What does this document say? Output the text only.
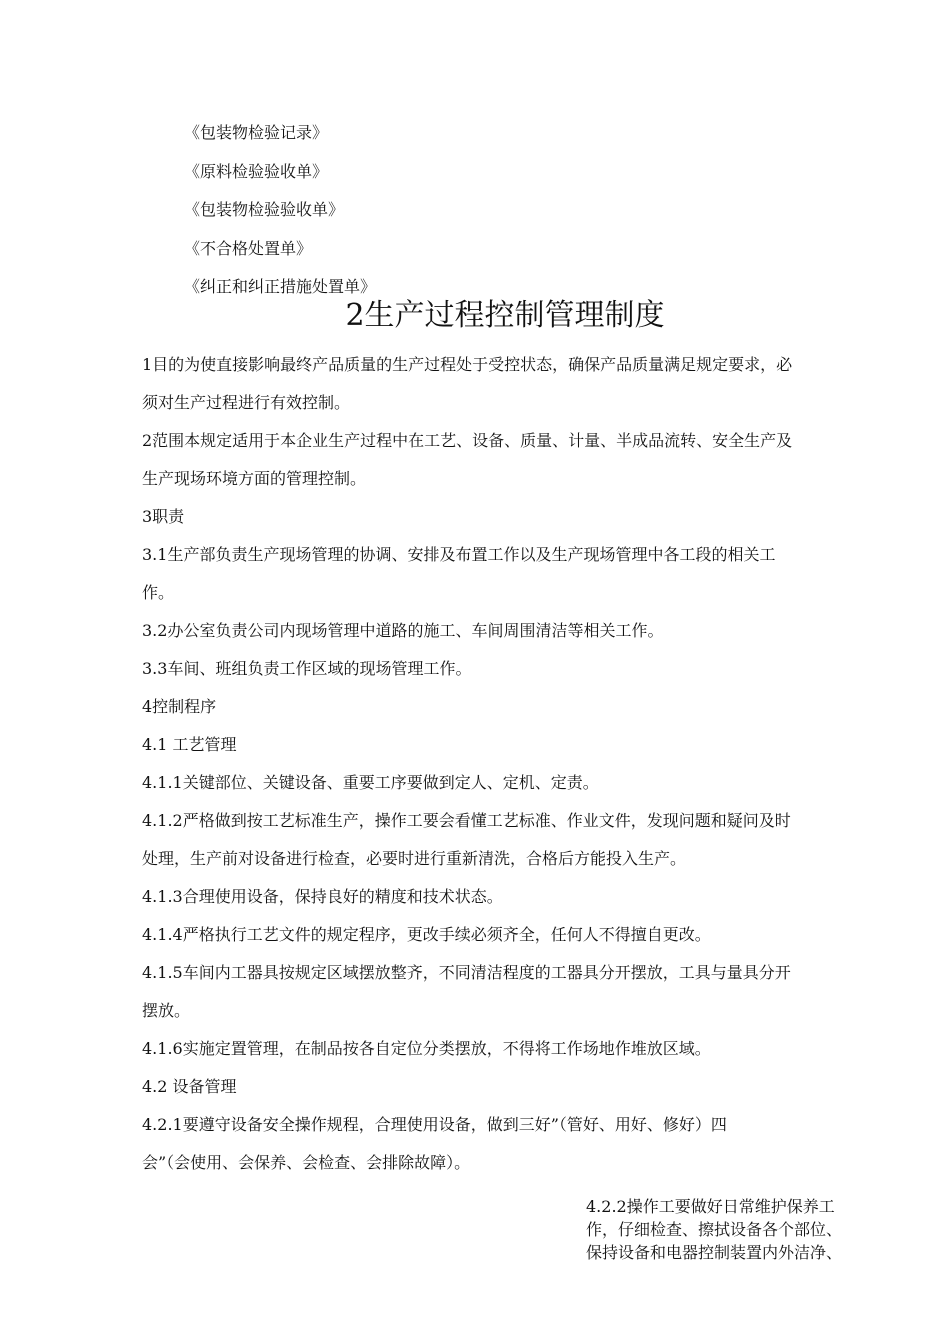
《包装物检验记录》
《原料检验验收单》
《包装物检验验收单》
《不合格处置单》
《纠正和纠正措施处置单》
2生产过程控制管理制度
1目的为使直接影响最终产品质量的生产过程处于受控状态，确保产品质量满足规定要求，必
须对生产过程进行有效控制。
2范围本规定适用于本企业生产过程中在工艺、设备、质量、计量、半成品流转、安全生产及
生产现场环境方面的管理控制。
3职责
3.1生产部负责生产现场管理的协调、安排及布置工作以及生产现场管理中各工段的相关工
作。
3.2办公室负责公司内现场管理中道路的施工、车间周围清洁等相关工作。
3.3车间、班组负责工作区域的现场管理工作。
4控制程序
4.1 工艺管理
4.1.1关键部位、关键设备、重要工序要做到定人、定机、定责。
4.1.2严格做到按工艺标准生产，操作工要会看懂工艺标准、作业文件，发现问题和疑问及时
处理，生产前对设备进行检查，必要时进行重新清洗，合格后方能投入生产。
4.1.3合理使用设备，保持良好的精度和技术状态。
4.1.4严格执行工艺文件的规定程序，更改手续必须齐全，任何人不得擅自更改。
4.1.5车间内工器具按规定区域摆放整齐，不同清洁程度的工器具分开摆放，工具与量具分开
摆放。
4.1.6实施定置管理，在制品按各自定位分类摆放，不得将工作场地作堆放区域。
4.2 设备管理
4.2.1要遵守设备安全操作规程，合理使用设备，做到三好”（管好、用好、修好）四
会”（会使用、会保养、会检查、会排除故障）。
4.2.2操作工要做好日常维护保养工
作，仔细检查、擦拭设备各个部位、
保持设备和电器控制装置内外洁净、
